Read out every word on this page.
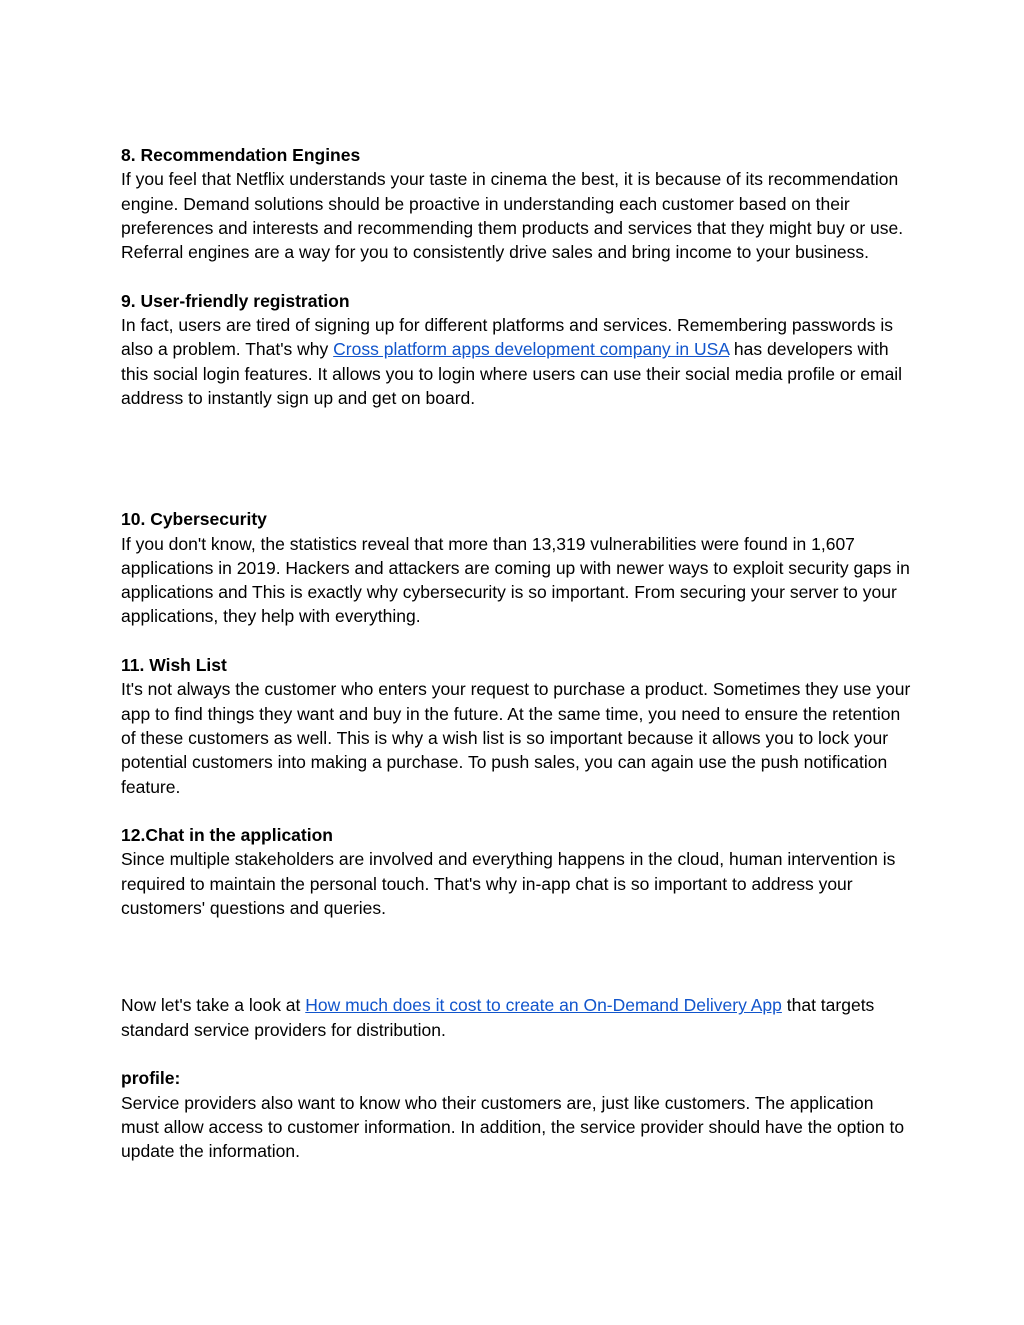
8. Recommendation Engines
If you feel that Netflix understands your taste in cinema the best, it is because of its recommendation engine. Demand solutions should be proactive in understanding each customer based on their preferences and interests and recommending them products and services that they might buy or use. Referral engines are a way for you to consistently drive sales and bring income to your business.
9. User-friendly registration
In fact, users are tired of signing up for different platforms and services. Remembering passwords is also a problem. That's why Cross platform apps development company in USA has developers with this social login features. It allows you to login where users can use their social media profile or email address to instantly sign up and get on board.
10. Cybersecurity
If you don't know, the statistics reveal that more than 13,319 vulnerabilities were found in 1,607 applications in 2019. Hackers and attackers are coming up with newer ways to exploit security gaps in applications and This is exactly why cybersecurity is so important. From securing your server to your applications, they help with everything.
11. Wish List
It's not always the customer who enters your request to purchase a product. Sometimes they use your app to find things they want and buy in the future. At the same time, you need to ensure the retention of these customers as well. This is why a wish list is so important because it allows you to lock your potential customers into making a purchase. To push sales, you can again use the push notification feature.
12.Chat in the application
Since multiple stakeholders are involved and everything happens in the cloud, human intervention is required to maintain the personal touch. That's why in-app chat is so important to address your customers' questions and queries.
Now let's take a look at How much does it cost to create an On-Demand Delivery App that targets standard service providers for distribution.
profile:
Service providers also want to know who their customers are, just like customers. The application must allow access to customer information. In addition, the service provider should have the option to update the information.
